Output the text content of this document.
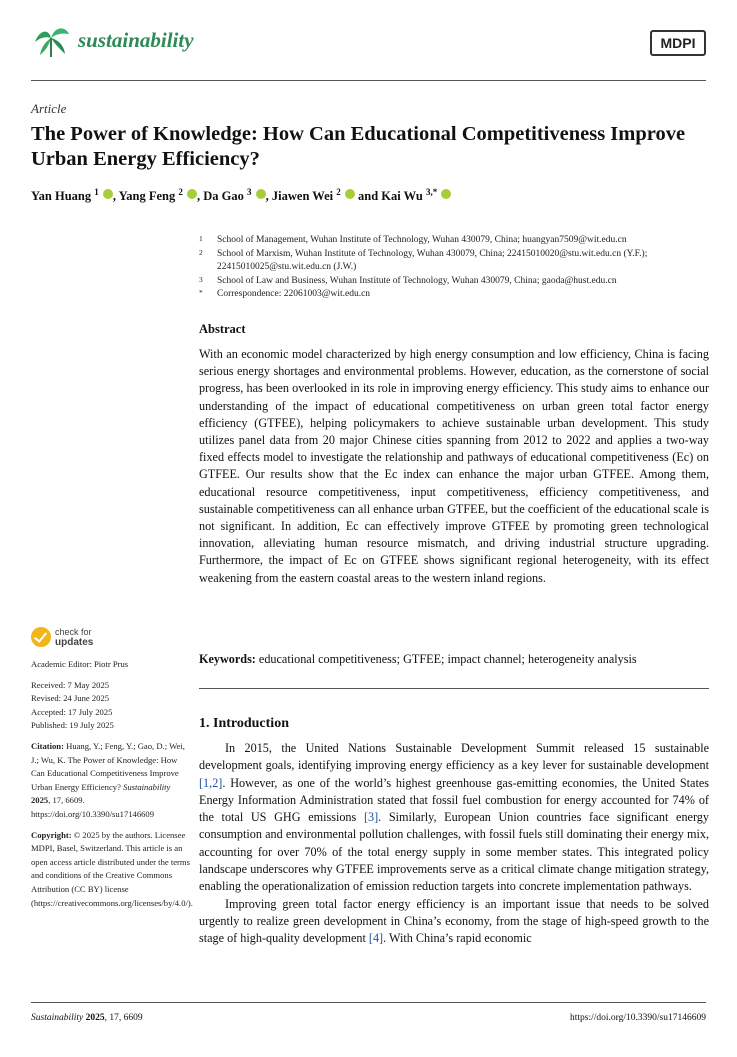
sustainability	MDPI
Article
The Power of Knowledge: How Can Educational Competitiveness Improve Urban Energy Efficiency?
Yan Huang $^1$ , Yang Feng $^2$ , Da Gao $^3$ , Jiawen Wei $^2$  and Kai Wu $^{3,*}$
1 School of Management, Wuhan Institute of Technology, Wuhan 430079, China; huangyan7509@wit.edu.cn
2 School of Marxism, Wuhan Institute of Technology, Wuhan 430079, China; 22415010020@stu.wit.edu.cn (Y.F.); 22415010025@stu.wit.edu.cn (J.W.)
3 School of Law and Business, Wuhan Institute of Technology, Wuhan 430079, China; gaoda@hust.edu.cn
* Correspondence: 22061003@wit.edu.cn
Abstract
With an economic model characterized by high energy consumption and low efficiency, China is facing serious energy shortages and environmental problems. However, education, as the cornerstone of social progress, has been overlooked in its role in improving energy efficiency. This study aims to enhance our understanding of the impact of educational competitiveness on urban green total factor energy efficiency (GTFEE), helping policymakers to achieve sustainable urban development. This study utilizes panel data from 20 major Chinese cities spanning from 2012 to 2022 and applies a two-way fixed effects model to investigate the relationship and pathways of educational competitiveness (Ec) on GTFEE. Our results show that the Ec index can enhance the major urban GTFEE. Among them, educational resource competitiveness, input competitiveness, efficiency competitiveness, and sustainable competitiveness can all enhance urban GTFEE, but the coefficient of the educational scale is not significant. In addition, Ec can effectively improve GTFEE by promoting green technological innovation, alleviating human resource mismatch, and driving industrial structure upgrading. Furthermore, the impact of Ec on GTFEE shows significant regional heterogeneity, with its effect weakening from the eastern coastal areas to the western inland regions.
Keywords: educational competitiveness; GTFEE; impact channel; heterogeneity analysis
check for
updates

Academic Editor: Piotr Prus

Received: 7 May 2025

Revised: 24 June 2025

Accepted: 17 July 2025

Published: 19 July 2025

Citation: Huang, Y.; Feng, Y.; Gao, D.; Wei, J.; Wu, K. The Power of Knowledge: How Can Educational Competitiveness Improve Urban Energy Efficiency? Sustainability 2025, 17, 6609. https://doi.org/10.3390/su17146609

Copyright: © 2025 by the authors. Licensee MDPI, Basel, Switzerland. This article is an open access article distributed under the terms and conditions of the Creative Commons Attribution (CC BY) license (https://creativecommons.org/licenses/by/4.0/).

1. Introduction

In 2015, the United Nations Sustainable Development Summit released 15 sustainable development goals, identifying improving energy efficiency as a key lever for sustainable development [1,2]. However, as one of the world’s highest greenhouse gas-emitting economies, the United States Energy Information Administration stated that fossil fuel combustion for energy accounted for 74% of the total US GHG emissions [3]. Similarly, European Union countries face significant energy consumption and environmental pollution challenges, with fossil fuels still dominating their energy mix, accounting for over 70% of the total energy supply in some member states. This integrated policy landscape underscores why GTFEE improvements serve as a critical climate change mitigation strategy, enabling the operationalization of emission reduction targets into concrete implementation pathways.

Improving green total factor energy efficiency is an important issue that needs to be solved urgently to realize green development in China’s economy, from the stage of high-speed growth to the stage of high-quality development [4]. With China’s rapid economic

Sustainability 2025, 17, 6609	https://doi.org/10.3390/su17146609
